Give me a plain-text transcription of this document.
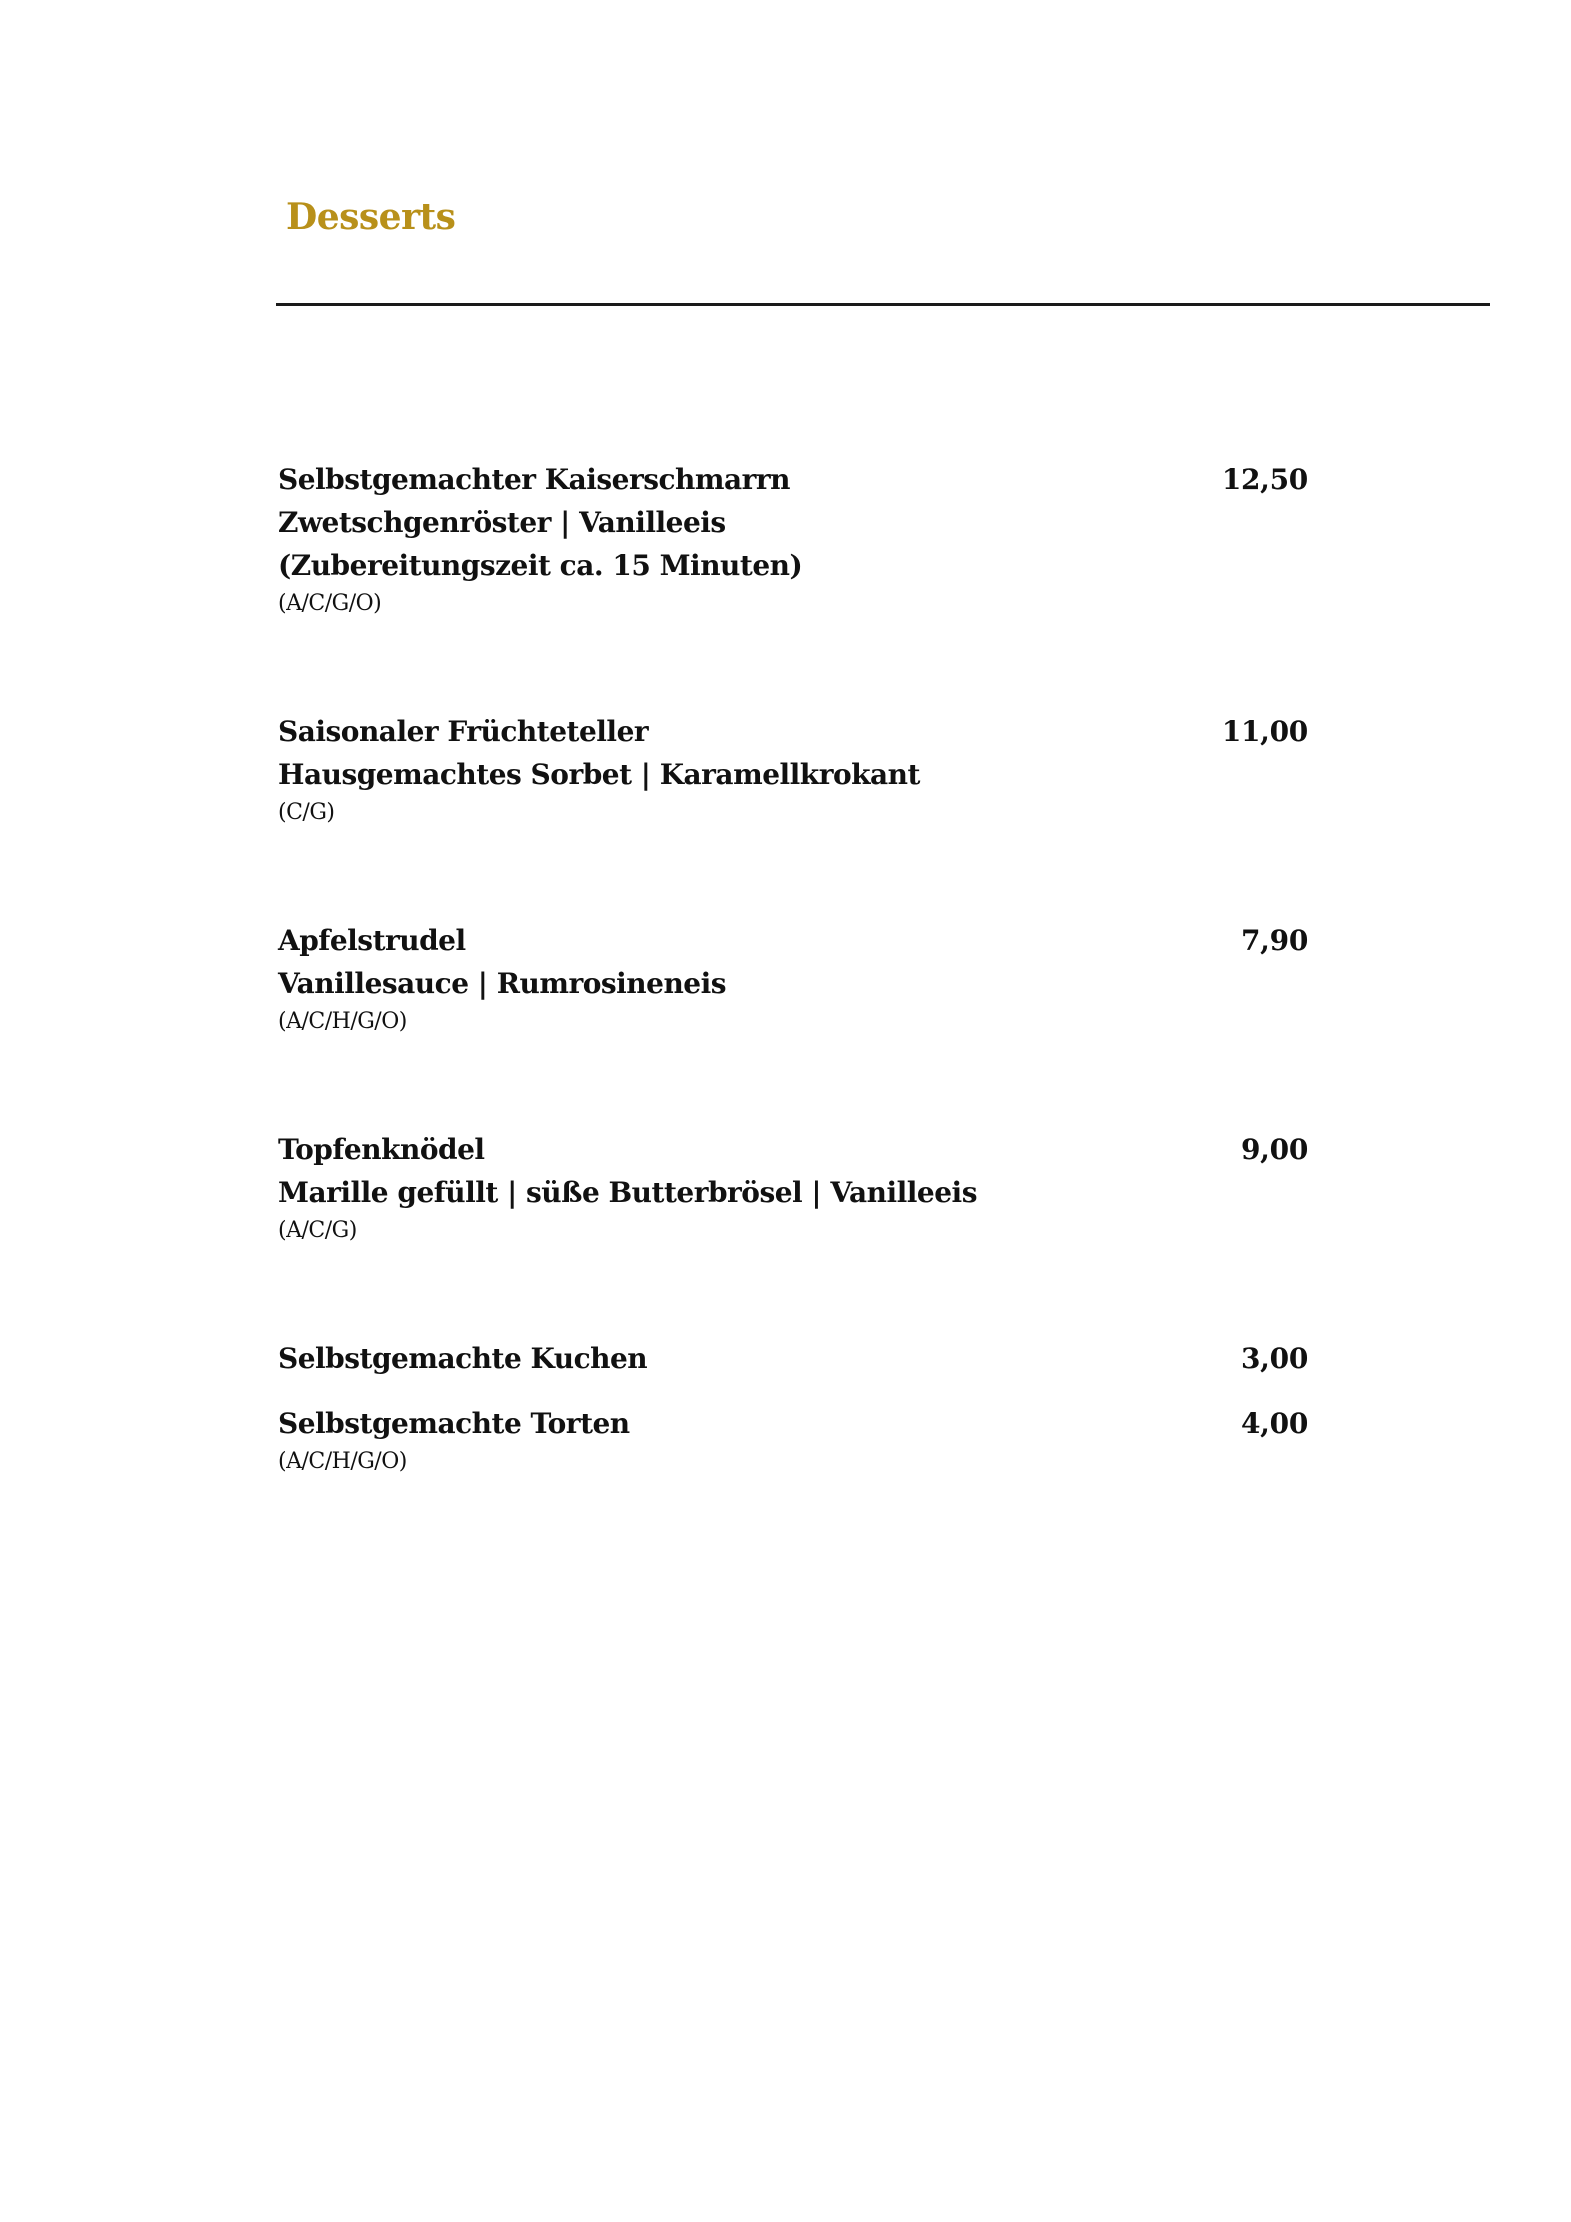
Desserts
Selbstgemachter Kaiserschmarrn	12,50
Zwetschgenröster | Vanilleeis
(Zubereitungszeit ca. 15 Minuten)
(A/C/G/O)
Saisonaler Früchteteller	11,00
Hausgemachtes Sorbet | Karamellkrokant
(C/G)
Apfelstrudel	7,90
Vanillesauce | Rumrosineneis
(A/C/H/G/O)
Topfenknödel	9,00
Marille gefüllt | süße Butterbrösel | Vanilleeis
(A/C/G)
Selbstgemachte Kuchen	3,00
Selbstgemachte Torten	4,00
(A/C/H/G/O)
